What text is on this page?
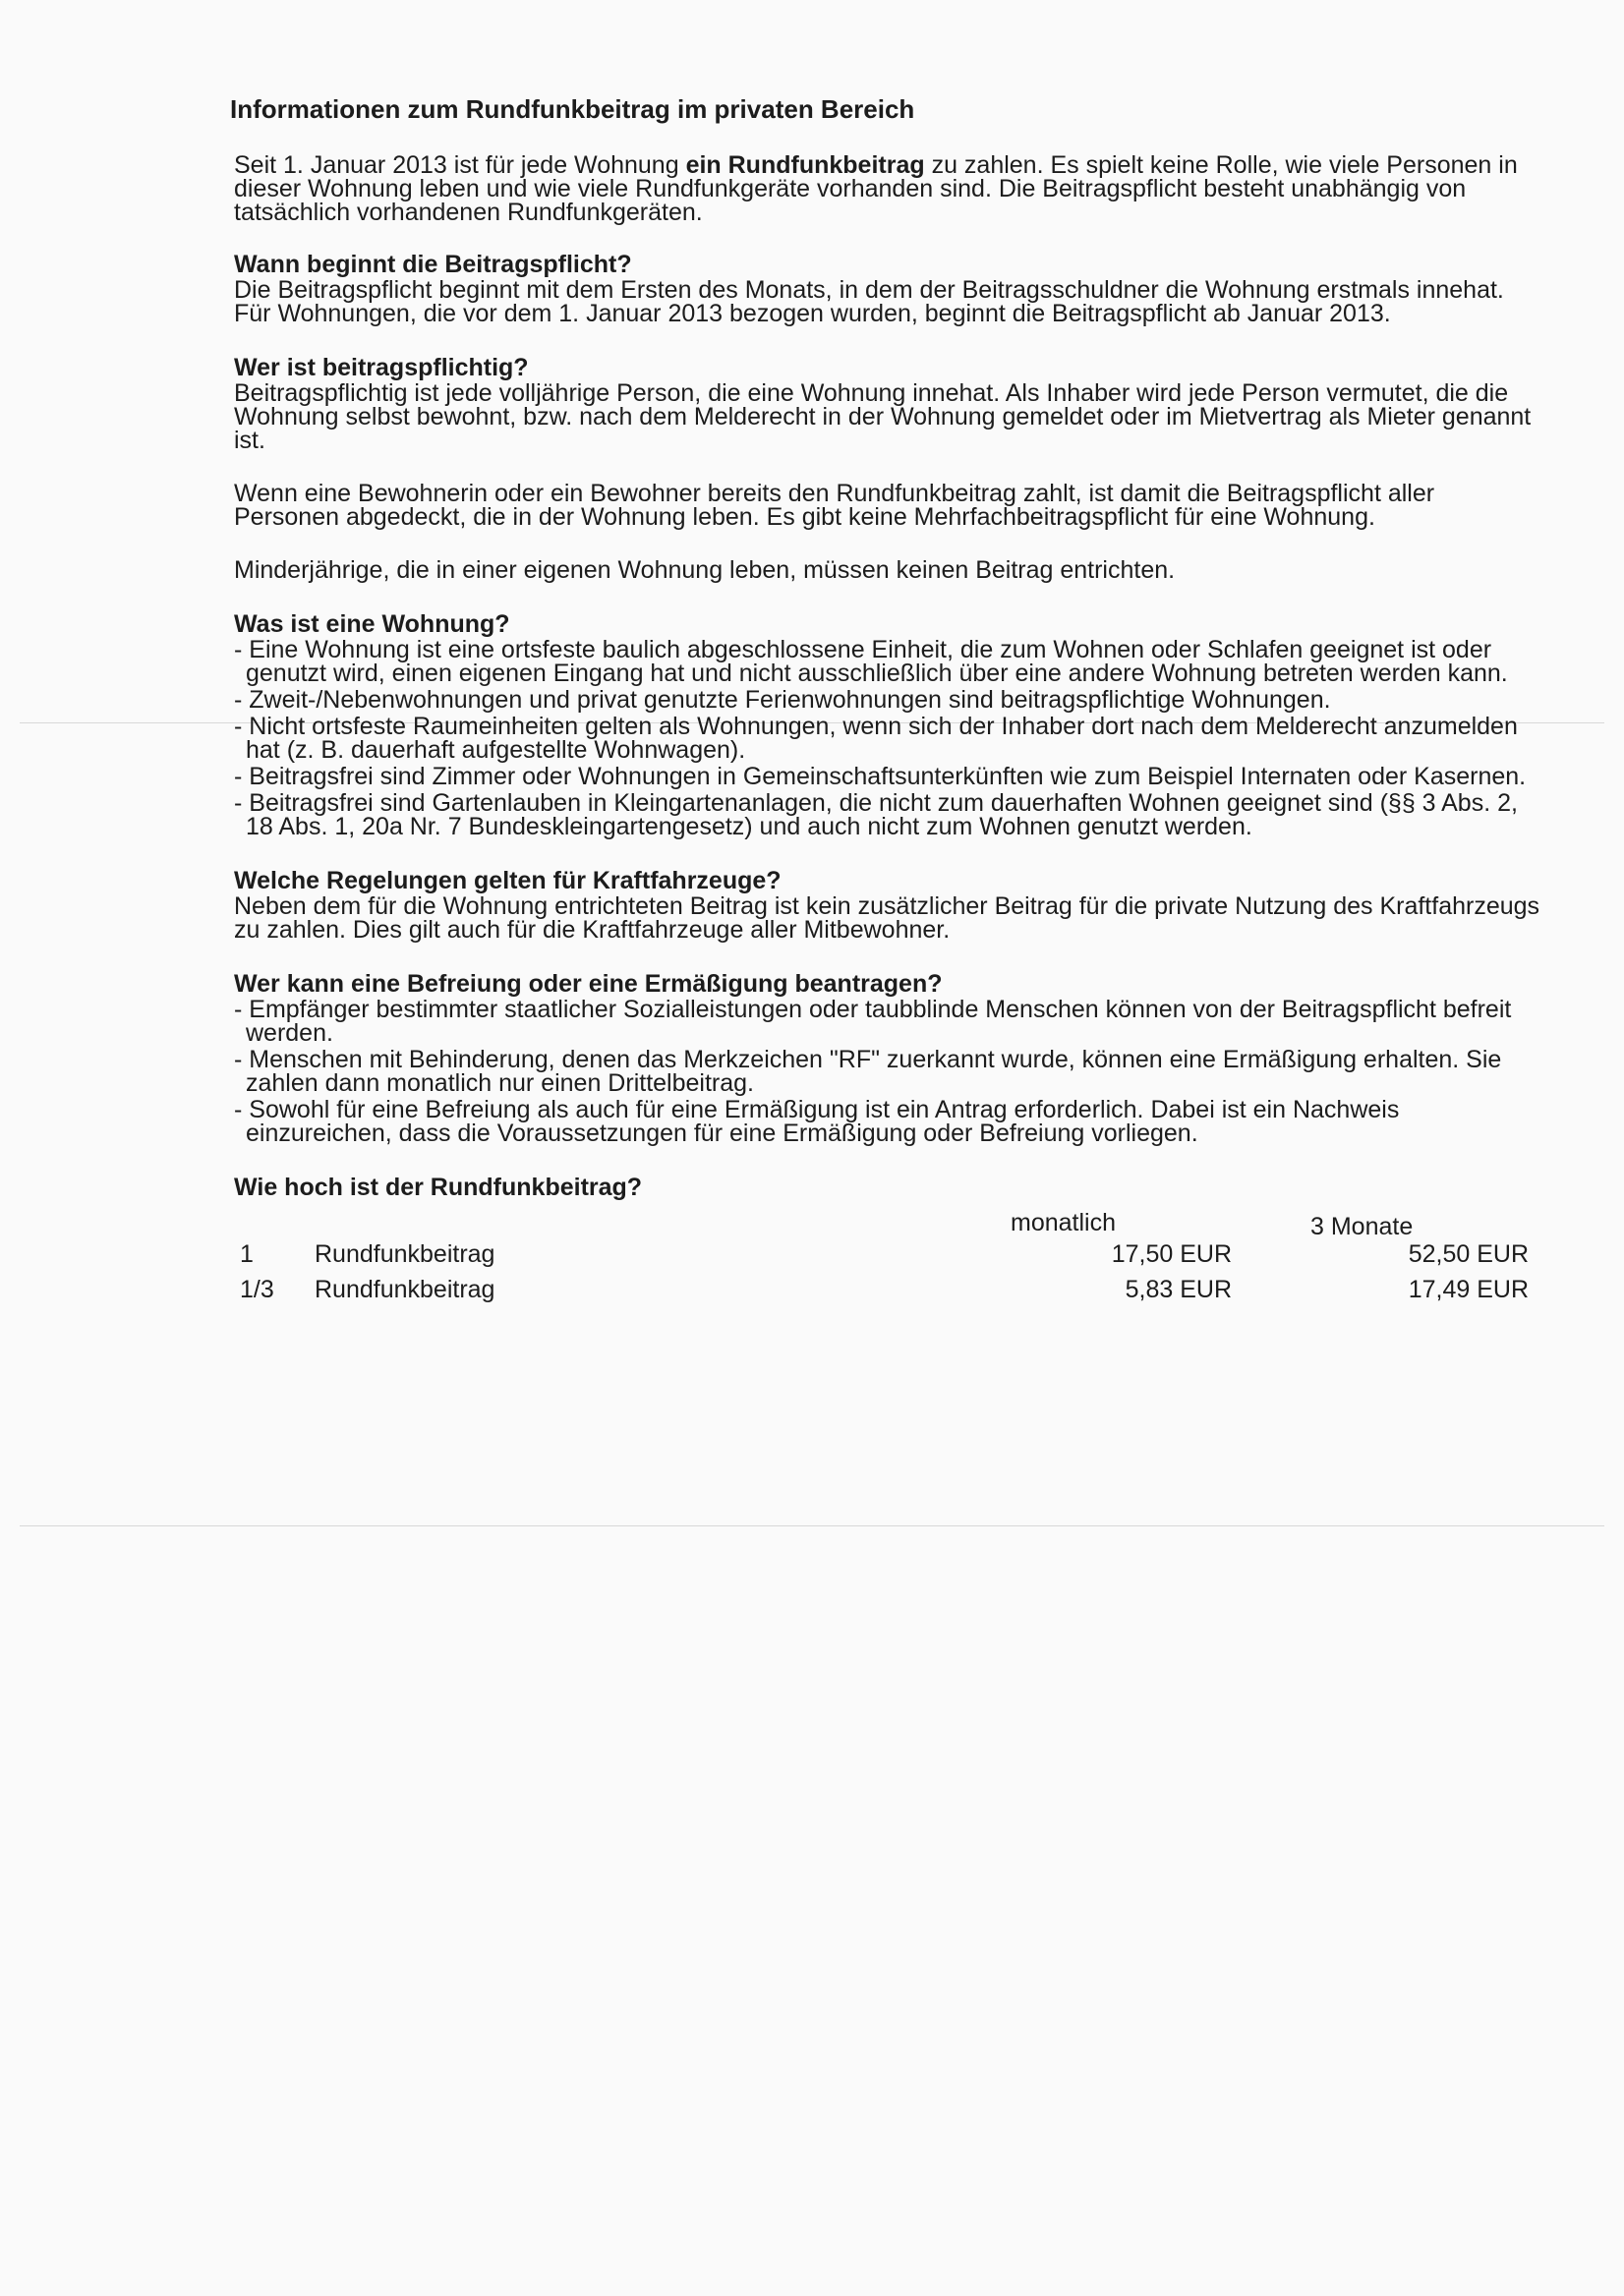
Informationen zum Rundfunkbeitrag im privaten Bereich
Seit 1. Januar 2013 ist für jede Wohnung ein Rundfunkbeitrag zu zahlen. Es spielt keine Rolle, wie viele Personen in dieser Wohnung leben und wie viele Rundfunkgeräte vorhanden sind. Die Beitragspflicht besteht unabhängig von tatsächlich vorhandenen Rundfunkgeräten.
Wann beginnt die Beitragspflicht?
Die Beitragspflicht beginnt mit dem Ersten des Monats, in dem der Beitragsschuldner die Wohnung erstmals innehat. Für Wohnungen, die vor dem 1. Januar 2013 bezogen wurden, beginnt die Beitragspflicht ab Januar 2013.
Wer ist beitragspflichtig?
Beitragspflichtig ist jede volljährige Person, die eine Wohnung innehat. Als Inhaber wird jede Person vermutet, die die Wohnung selbst bewohnt, bzw. nach dem Melderecht in der Wohnung gemeldet oder im Mietvertrag als Mieter genannt ist.
Wenn eine Bewohnerin oder ein Bewohner bereits den Rundfunkbeitrag zahlt, ist damit die Beitragspflicht aller Personen abgedeckt, die in der Wohnung leben. Es gibt keine Mehrfachbeitragspflicht für eine Wohnung.
Minderjährige, die in einer eigenen Wohnung leben, müssen keinen Beitrag entrichten.
Was ist eine Wohnung?
- Eine Wohnung ist eine ortsfeste baulich abgeschlossene Einheit, die zum Wohnen oder Schlafen geeignet ist oder genutzt wird, einen eigenen Eingang hat und nicht ausschließlich über eine andere Wohnung betreten werden kann.
- Zweit-/Nebenwohnungen und privat genutzte Ferienwohnungen sind beitragspflichtige Wohnungen.
- Nicht ortsfeste Raumeinheiten gelten als Wohnungen, wenn sich der Inhaber dort nach dem Melderecht anzumelden hat (z. B. dauerhaft aufgestellte Wohnwagen).
- Beitragsfrei sind Zimmer oder Wohnungen in Gemeinschaftsunterkünften wie zum Beispiel Internaten oder Kasernen.
- Beitragsfrei sind Gartenlauben in Kleingartenanlagen, die nicht zum dauerhaften Wohnen geeignet sind (§§ 3 Abs. 2, 18 Abs. 1, 20a Nr. 7 Bundeskleingartengesetz) und auch nicht zum Wohnen genutzt werden.
Welche Regelungen gelten für Kraftfahrzeuge?
Neben dem für die Wohnung entrichteten Beitrag ist kein zusätzlicher Beitrag für die private Nutzung des Kraftfahrzeugs zu zahlen. Dies gilt auch für die Kraftfahrzeuge aller Mitbewohner.
Wer kann eine Befreiung oder eine Ermäßigung beantragen?
- Empfänger bestimmter staatlicher Sozialleistungen oder taubblinde Menschen können von der Beitragspflicht befreit werden.
- Menschen mit Behinderung, denen das Merkzeichen "RF" zuerkannt wurde, können eine Ermäßigung erhalten. Sie zahlen dann monatlich nur einen Drittelbeitrag.
- Sowohl für eine Befreiung als auch für eine Ermäßigung ist ein Antrag erforderlich. Dabei ist ein Nachweis einzureichen, dass die Voraussetzungen für eine Ermäßigung oder Befreiung vorliegen.
Wie hoch ist der Rundfunkbeitrag?
monatlich	3 Monate
1 Rundfunkbeitrag	17,50 EUR	52,50 EUR
1/3 Rundfunkbeitrag	5,83 EUR	17,49 EUR
